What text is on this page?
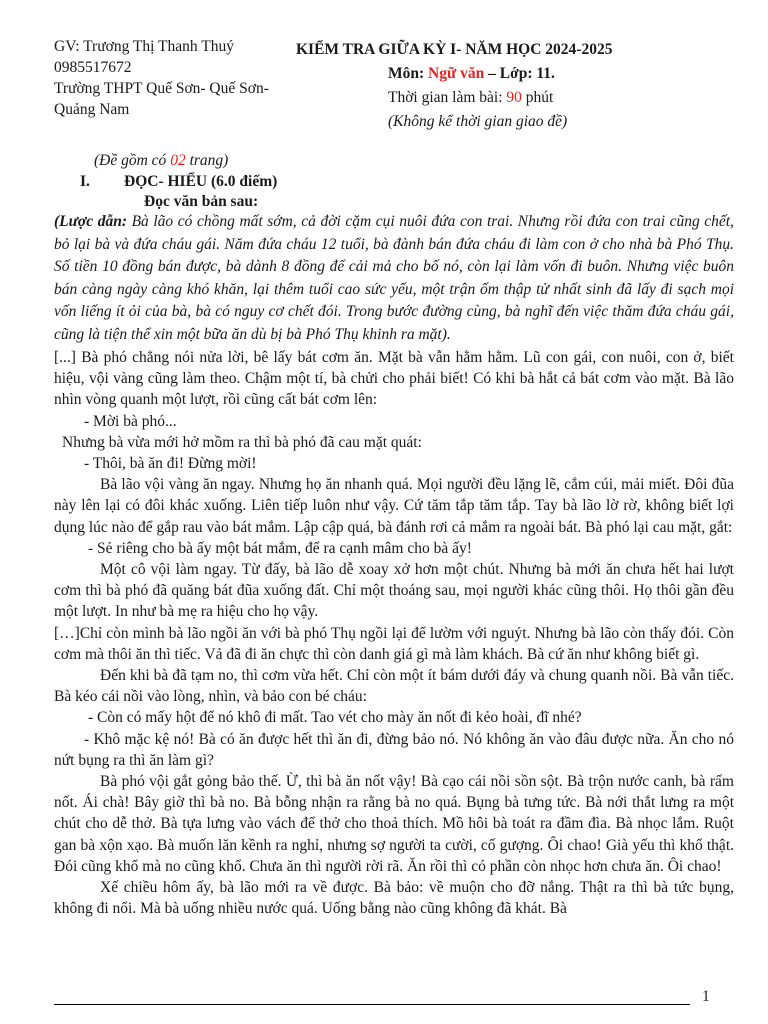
GV: Trương Thị Thanh Thuý
0985517672
Trường THPT Quế Sơn- Quế Sơn- Quảng Nam
KIỂM TRA GIỮA KỲ I- NĂM HỌC 2024-2025
Môn: Ngữ văn – Lớp: 11.
Thời gian làm bài: 90 phút
(Không kể thời gian giao đề)
(Đề gồm có 02 trang)
I. ĐỌC- HIỂU (6.0 điểm)
Đọc văn bản sau:

(Lược dẫn: Bà lão có chồng mất sớm, cả đời cặm cụi nuôi đứa con trai. Nhưng rồi đứa con trai cũng chết, bỏ lại bà và đứa cháu gái. Năm đứa cháu 12 tuổi, bà đành bán đứa cháu đi làm con ở cho nhà bà Phó Thụ. Số tiền 10 đồng bán được, bà dành 8 đồng để cải mả cho bố nó, còn lại làm vốn đi buôn. Nhưng việc buôn bán càng ngày càng khó khăn, lại thêm tuổi cao sức yếu, một trận ốm thập tử nhất sinh đã lấy đi sạch mọi vốn liếng ít ỏi của bà, bà có nguy cơ chết đói. Trong bước đường cùng, bà nghĩ đến việc thăm đứa cháu gái, cũng là tiện thể xin một bữa ăn dù bị bà Phó Thụ khinh ra mặt).

[...] Bà phó chẳng nói nửa lời, bê lấy bát cơm ăn. Mặt bà vẫn hằm hằm. Lũ con gái, con nuôi, con ở, biết hiệu, vội vàng cũng làm theo. Chậm một tí, bà chửi cho phải biết! Có khi bà hắt cả bát cơm vào mặt. Bà lão nhìn vòng quanh một lượt, rồi cũng cất bát cơm lên:

- Mời bà phó...

Nhưng bà vừa mới hở mồm ra thì bà phó đã cau mặt quát:

- Thôi, bà ăn đi! Đừng mời!

Bà lão vội vàng ăn ngay. Nhưng họ ăn nhanh quá. Mọi người đều lặng lẽ, cắm cúi, mải miết. Đôi đũa này lên lại có đôi khác xuống. Liên tiếp luôn như vậy. Cứ tăm tắp tăm tắp. Tay bà lão lờ rờ, không biết lợi dụng lúc nào để gắp rau vào bát mắm. Lập cập quá, bà đánh rơi cả mắm ra ngoài bát. Bà phó lại cau mặt, gắt:

- Sẻ riêng cho bà ấy một bát mắm, để ra cạnh mâm cho bà ấy!

Một cô vội làm ngay. Từ đấy, bà lão dễ xoay xở hơn một chút. Nhưng bà mới ăn chưa hết hai lượt cơm thì bà phó đã quăng bát đũa xuống đất. Chỉ một thoáng sau, mọi người khác cũng thôi. Họ thôi gần đều một lượt. In như bà mẹ ra hiệu cho họ vậy.

[…]Chỉ còn mình bà lão ngồi ăn với bà phó Thụ ngồi lại để lườm với nguýt. Nhưng bà lão còn thấy đói. Còn cơm mà thôi ăn thì tiếc. Vả đã đi ăn chực thì còn danh giá gì mà làm khách. Bà cứ ăn như không biết gì.

Đến khi bà đã tạm no, thì cơm vừa hết. Chỉ còn một ít bám dưới đáy và chung quanh nồi. Bà vẫn tiếc. Bà kéo cái nồi vào lòng, nhìn, và bảo con bé cháu:

- Còn có mấy hột để nó khô đi mất. Tao vét cho mày ăn nốt đi kẻo hoài, đĩ nhé?

- Khô mặc kệ nó! Bà có ăn được hết thì ăn đi, đừng bảo nó. Nó không ăn vào đâu được nữa. Ăn cho nó nứt bụng ra thì ăn làm gì?

Bà phó vội gắt gỏng bảo thế. Ừ, thì bà ăn nốt vậy! Bà cạo cái nồi sồn sột. Bà trộn nước canh, bà rấm nốt. Ái chà! Bây giờ thì bà no. Bà bỗng nhận ra rằng bà no quá. Bụng bà tưng tức. Bà nới thắt lưng ra một chút cho dễ thở. Bà tựa lưng vào vách để thở cho thoả thích. Mồ hôi bà toát ra đầm đìa. Bà nhọc lắm. Ruột gan bà xộn xạo. Bà muốn lăn kềnh ra nghỉ, nhưng sợ người ta cười, cố gượng. Ôi chao! Già yếu thì khổ thật. Đói cũng khổ mà no cũng khổ. Chưa ăn thì người rời rã. Ăn rồi thì có phần còn nhọc hơn chưa ăn. Ôi chao!

Xế chiều hôm ấy, bà lão mới ra về được. Bà bảo: về muộn cho đỡ nắng. Thật ra thì bà tức bụng, không đi nổi. Mà bà uống nhiều nước quá. Uống bằng nào cũng không đã khát. Bà

1
